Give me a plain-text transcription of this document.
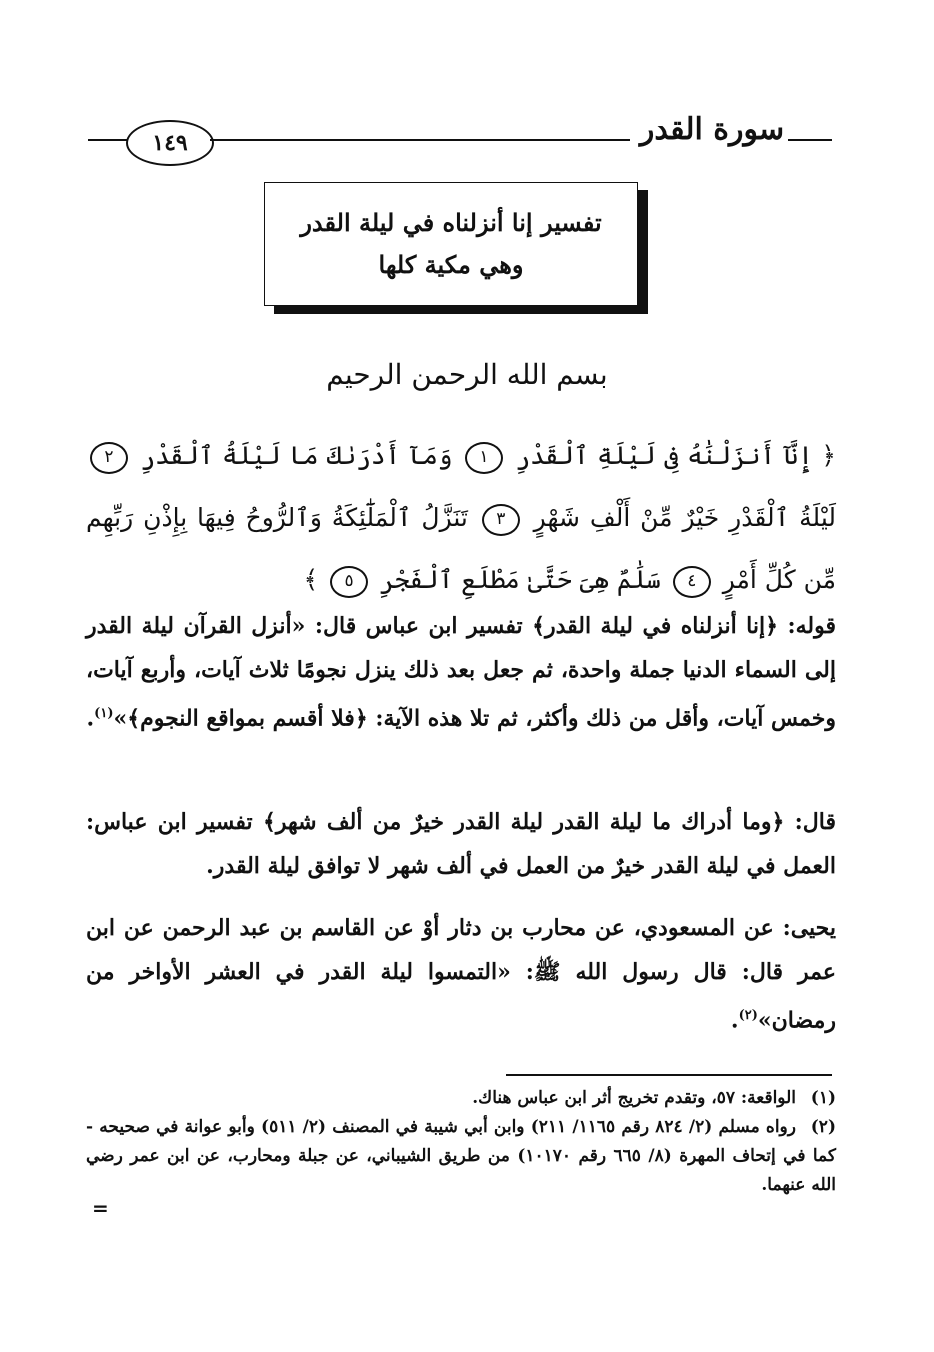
١٤٩	سورة القدر
تفسير إنا أنزلناه في ليلة القدر
وهي مكية كلها
بسم الله الرحمن الرحيم
﴿ إِنَّآ أَنزَلْنَٰهُ فِى لَيْلَةِ ٱلْقَدْرِ ١ وَمَآ أَدْرَىٰكَ مَا لَيْلَةُ ٱلْقَدْرِ ٢ لَيْلَةُ ٱلْقَدْرِ خَيْرٌ مِّنْ أَلْفِ شَهْرٍ ٣ تَنَزَّلُ ٱلْمَلَٰٓئِكَةُ وَٱلرُّوحُ فِيهَا بِإِذْنِ رَبِّهِم مِّن كُلِّ أَمْرٍ ٤ سَلَٰمٌ هِىَ حَتَّىٰ مَطْلَعِ ٱلْفَجْرِ ٥ ﴾
قوله: ﴿إنا أنزلناه في ليلة القدر﴾ تفسير ابن عباس قال: «أنزل القرآن ليلة القدر إلى السماء الدنيا جملة واحدة، ثم جعل بعد ذلك ينزل نجومًا ثلاث آيات، وأربع آيات، وخمس آيات، وأقل من ذلك وأكثر، ثم تلا هذه الآية: ﴿فلا أقسم بمواقع النجوم﴾»$^{(١)}$.
قال: ﴿وما أدراك ما ليلة القدر ليلة القدر خيرٌ من ألف شهر﴾ تفسير ابن عباس: العمل في ليلة القدر خيرٌ من العمل في ألف شهر لا توافق ليلة القدر.
يحيى: عن المسعودي، عن محارب بن دثار أوْ عن القاسم بن عبد الرحمن عن ابن عمر قال: قال رسول الله ﷺ: «التمسوا ليلة القدر في العشر الأواخر من رمضان»$^{(٢)}$.
(١)الواقعة: ٥٧، وتقدم تخريج أثر ابن عباس هناك.
(٢)رواه مسلم (٢/ ٨٢٤ رقم ١١٦٥/ ٢١١) وابن أبي شيبة في المصنف (٢/ ٥١١) وأبو عوانة في صحيحه - كما في إتحاف المهرة (٨/ ٦٦٥ رقم ١٠١٧٠) من طريق الشيباني، عن جبلة ومحارب، عن ابن عمر رضي الله عنهما.
=
